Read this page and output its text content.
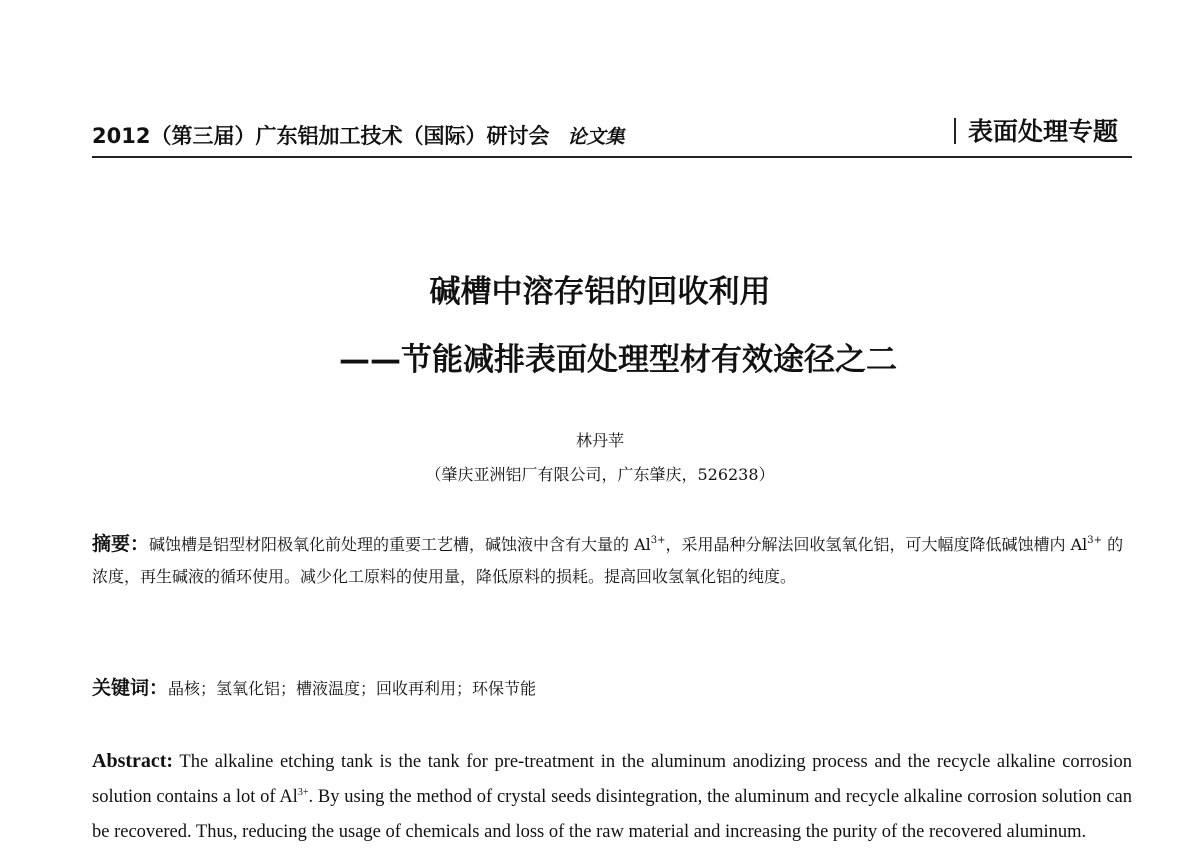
2012（第三届）广东铝加工技术（国际）研讨会 论文集	表面处理专题
碱槽中溶存铝的回收利用
——节能减排表面处理型材有效途径之二
林丹苹
（肇庆亚洲铝厂有限公司，广东肇庆，526238）
摘要：碱蚀槽是铝型材阳极氧化前处理的重要工艺槽，碱蚀液中含有大量的 $Al^{3+}$，采用晶种分解法回收氢氧化铝，可大幅度降低碱蚀槽内 $Al^{3+}$ 的浓度，再生碱液的循环使用。减少化工原料的使用量，降低原料的损耗。提高回收氢氧化铝的纯度。
关键词：晶核；氢氧化铝；槽液温度；回收再利用；环保节能
Abstract: The alkaline etching tank is the tank for pre-treatment in the aluminum anodizing process and the recycle alkaline corrosion solution contains a lot of $Al^{3+}$. By using the method of crystal seeds disintegration, the aluminum and recycle alkaline corrosion solution can be recovered. Thus, reducing the usage of chemicals and loss of the raw material and increasing the purity of the recovered aluminum.
